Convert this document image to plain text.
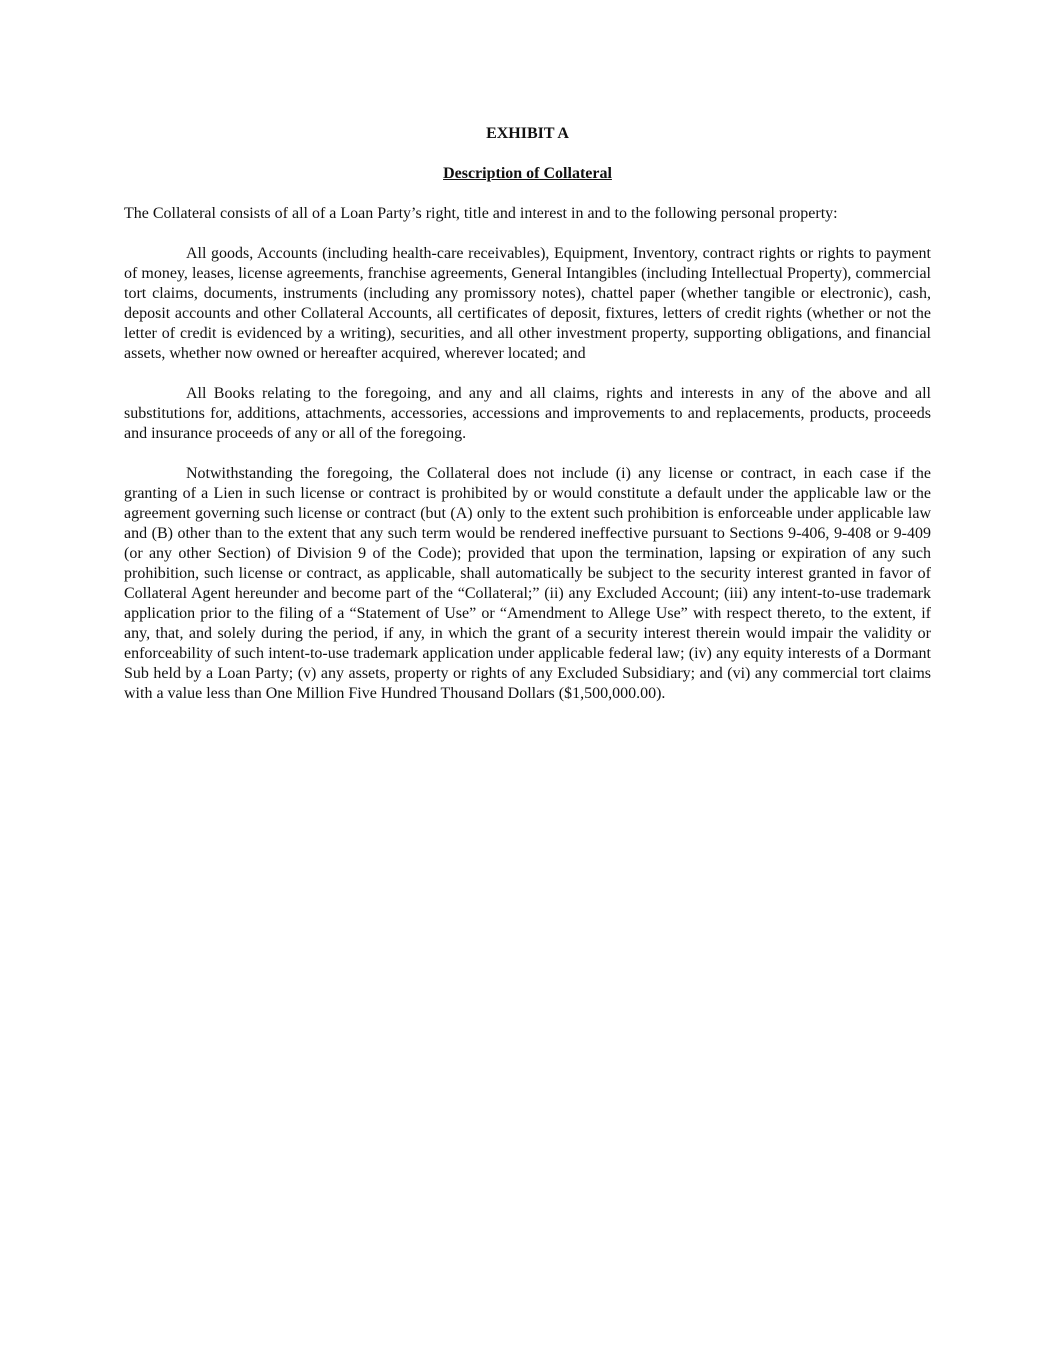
EXHIBIT A

Description of Collateral

The Collateral consists of all of a Loan Party’s right, title and interest in and to the following personal property:

All goods, Accounts (including health-care receivables), Equipment, Inventory, contract rights or rights to payment of money, leases, license agreements, franchise agreements, General Intangibles (including Intellectual Property), commercial tort claims, documents, instruments (including any promissory notes), chattel paper (whether tangible or electronic), cash, deposit accounts and other Collateral Accounts, all certificates of deposit, fixtures, letters of credit rights (whether or not the letter of credit is evidenced by a writing), securities, and all other investment property, supporting obligations, and financial assets, whether now owned or hereafter acquired, wherever located; and

All Books relating to the foregoing, and any and all claims, rights and interests in any of the above and all substitutions for, additions, attachments, accessories, accessions and improvements to and replacements, products, proceeds and insurance proceeds of any or all of the foregoing.

Notwithstanding the foregoing, the Collateral does not include (i) any license or contract, in each case if the granting of a Lien in such license or contract is prohibited by or would constitute a default under the applicable law or the agreement governing such license or contract (but (A) only to the extent such prohibition is enforceable under applicable law and (B) other than to the extent that any such term would be rendered ineffective pursuant to Sections 9-406, 9-408 or 9-409 (or any other Section) of Division 9 of the Code); provided that upon the termination, lapsing or expiration of any such prohibition, such license or contract, as applicable, shall automatically be subject to the security interest granted in favor of Collateral Agent hereunder and become part of the “Collateral;” (ii) any Excluded Account; (iii) any intent-to-use trademark application prior to the filing of a “Statement of Use” or “Amendment to Allege Use” with respect thereto, to the extent, if any, that, and solely during the period, if any, in which the grant of a security interest therein would impair the validity or enforceability of such intent-to-use trademark application under applicable federal law; (iv) any equity interests of a Dormant Sub held by a Loan Party; (v) any assets, property or rights of any Excluded Subsidiary; and (vi) any commercial tort claims with a value less than One Million Five Hundred Thousand Dollars ($1,500,000.00).
